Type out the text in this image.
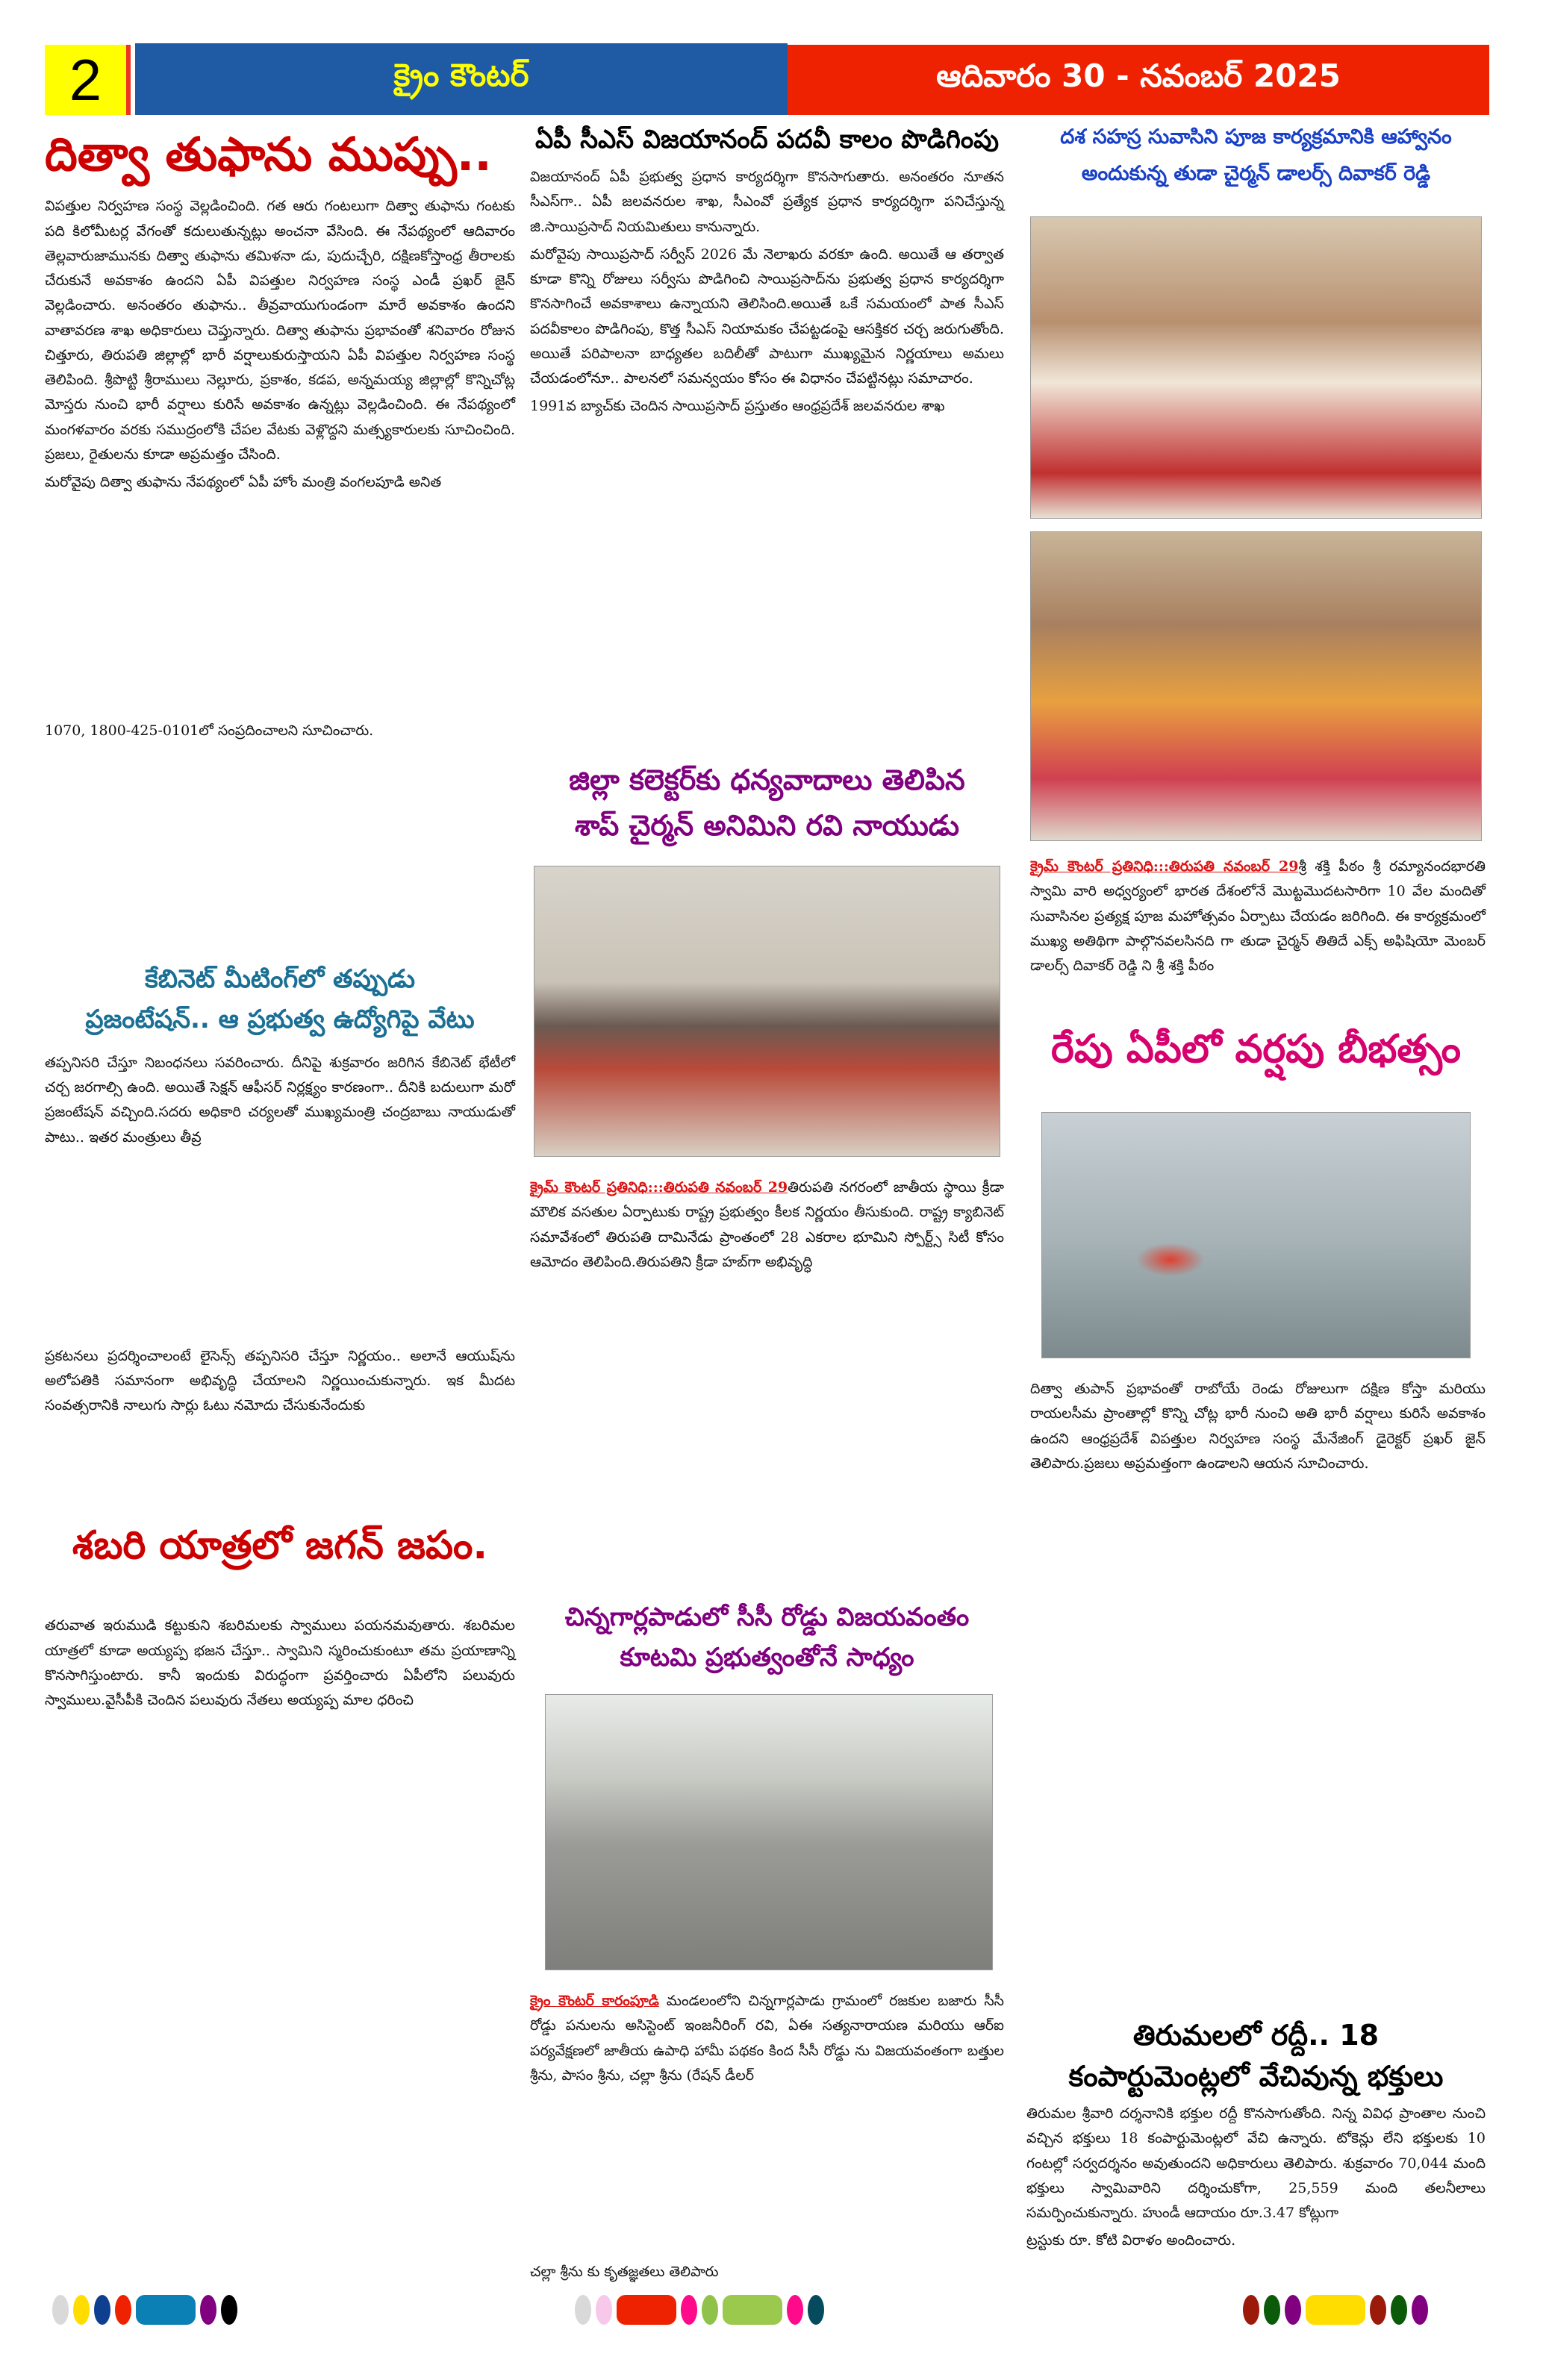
2	క్రైం కౌంటర్	ఆదివారం 30 - నవంబర్ 2025
దిత్వా తుఫాను ముప్పు..

విపత్తుల నిర్వహణ సంస్థ వెల్లడించింది. గత ఆరు గంటలుగా దిత్వా తుఫాను గంటకు పది కిలోమీటర్ల వేగంతో కదులుతున్నట్లు అంచనా వేసింది. ఈ నేపథ్యంలో ఆదివారం తెల్లవారుజామునకు దిత్వా తుఫాను తమిళనా డు, పుదుచ్చేరి, దక్షిణకోస్తాంధ్ర తీరాలకు చేరుకునే అవకాశం ఉందని ఏపీ విపత్తుల నిర్వహణ సంస్థ ఎండీ ప్రఖర్ జైన్ వెల్లడించారు. అనంతరం తుఫాను.. తీవ్రవాయుగుండంగా మారే అవకాశం ఉందని వాతావరణ శాఖ అధికారులు చెప్తున్నారు. దిత్వా తుఫాను ప్రభావంతో శనివారం రోజున చిత్తూరు, తిరుపతి జిల్లాల్లో భారీ వర్షాలుకురుస్తాయని ఏపీ విపత్తుల నిర్వహణ సంస్థ తెలిపింది. శ్రీపొట్టి శ్రీరాములు నెల్లూరు, ప్రకాశం, కడప, అన్నమయ్య జిల్లాల్లో కొన్నిచోట్ల మోస్తరు నుంచి భారీ వర్షాలు కురిసే అవకాశం ఉన్నట్లు వెల్లడించింది. ఈ నేపథ్యంలో మంగళవారం వరకు సముద్రంలోకి చేపల వేటకు వెళ్లొద్దని మత్స్యకారులకు సూచించింది. ప్రజలు, రైతులను కూడా అప్రమత్తం చేసింది.

మరోవైపు దిత్వా తుఫాను నేపథ్యంలో ఏపీ హోం మంత్రి వంగలపూడి అనిత

1070, 1800-425-0101లో సంప్రదించాలని సూచించారు.

కేబినెట్ మీటింగ్‌లో తప్పుడు
ప్రజంటేషన్.. ఆ ప్రభుత్వ ఉద్యోగిపై వేటు

తప్పనిసరి చేస్తూ నిబంధనలు సవరించారు. దీనిపై శుక్రవారం జరిగిన కేబినెట్ భేటీలో చర్చ జరగాల్సి ఉంది. అయితే సెక్షన్ ఆఫీసర్ నిర్లక్ష్యం కారణంగా.. దీనికి బదులుగా మరో ప్రజంటేషన్ వచ్చింది.సదరు అధికారి చర్యలతో ముఖ్యమంత్రి చంద్రబాబు నాయుడుతో పాటు.. ఇతర మంత్రులు తీవ్ర

ప్రకటనలు ప్రదర్శించాలంటే లైసెన్స్ తప్పనిసరి చేస్తూ నిర్ణయం.. అలానే ఆయుష్‌ను అలోపతికి సమానంగా అభివృద్ధి చేయాలని నిర్ణయించుకున్నారు. ఇక మీదట సంవత్సరానికి నాలుగు సార్లు ఓటు నమోదు చేసుకునేందుకు

శబరి యాత్రలో జగన్ జపం.

తరువాత ఇరుముడి కట్టుకుని శబరిమలకు స్వాములు పయనమవుతారు. శబరిమల యాత్రలో కూడా అయ్యప్ప భజన చేస్తూ.. స్వామిని స్మరించుకుంటూ తమ ప్రయాణాన్ని కొనసాగిస్తుంటారు. కానీ ఇందుకు విరుద్ధంగా ప్రవర్తించారు ఏపీలోని పలువురు స్వాములు.వైసీపీకి చెందిన పలువురు నేతలు అయ్యప్ప మాల ధరించి

ఏపీ సీఎస్ విజయానంద్ పదవీ కాలం పొడిగింపు

విజయానంద్ ఏపీ ప్రభుత్వ ప్రధాన కార్యదర్శిగా కొనసాగుతారు. అనంతరం నూతన సీఎస్‌గా.. ఏపీ జలవనరుల శాఖ, సీఎంవో ప్రత్యేక ప్రధాన కార్యదర్శిగా పనిచేస్తున్న జి.సాయిప్రసాద్ నియమితులు కానున్నారు.

మరోవైపు సాయిప్రసాద్ సర్వీస్ 2026 మే నెలాఖరు వరకూ ఉంది. అయితే ఆ తర్వాత కూడా కొన్ని రోజులు సర్వీసు పొడిగించి సాయిప్రసాద్‌ను ప్రభుత్వ ప్రధాన కార్యదర్శిగా కొనసాగించే అవకాశాలు ఉన్నాయని తెలిసింది.అయితే ఒకే సమయంలో పాత సీఎస్ పదవీకాలం పొడిగింపు, కొత్త సీఎస్ నియామకం చేపట్టడంపై ఆసక్తికర చర్చ జరుగుతోంది. అయితే పరిపాలనా బాధ్యతల బదిలీతో పాటుగా ముఖ్యమైన నిర్ణయాలు అమలు చేయడంలోనూ.. పాలనలో సమన్వయం కోసం ఈ విధానం చేపట్టినట్లు సమాచారం.

1991వ బ్యాచ్‌కు చెందిన సాయిప్రసాద్ ప్రస్తుతం ఆంధ్రప్రదేశ్ జలవనరుల శాఖ

జిల్లా కలెక్టర్‌కు ధన్యవాదాలు తెలిపిన
శాప్ చైర్మన్ అనిమిని రవి నాయుడు
క్రైమ్ కౌంటర్ ప్రతినిధి:::తిరుపతి నవంబర్ 29తిరుపతి నగరంలో జాతీయ స్థాయి క్రీడా మౌలిక వసతుల ఏర్పాటుకు రాష్ట్ర ప్రభుత్వం కీలక నిర్ణయం తీసుకుంది. రాష్ట్ర క్యాబినెట్ సమావేశంలో తిరుపతి దామినేడు ప్రాంతంలో 28 ఎకరాల భూమిని స్పోర్ట్స్ సిటీ కోసం ఆమోదం తెలిపింది.తిరుపతిని క్రీడా హబ్‌గా అభివృద్ధి
చిన్నగార్లపాడులో సీసీ రోడ్డు విజయవంతం
కూటమి ప్రభుత్వంతోనే సాధ్యం
క్రైం కౌంటర్ కారంపూడి మండలంలోని చిన్నగార్లపాడు గ్రామంలో రజకుల బజారు సీసీ రోడ్డు పనులను అసిస్టెంట్ ఇంజనీరింగ్ రవి, ఏఈ సత్యనారాయణ మరియు ఆర్ఐ పర్యవేక్షణలో జాతీయ ఉపాధి హామీ పథకం కింద సీసీ రోడ్డు ను విజయవంతంగా బత్తుల శ్రీను, పాసం శ్రీను, చల్లా శ్రీను (రేషన్ డీలర్

చల్లా శ్రీను కు కృతజ్ఞతలు తెలిపారు

దశ సహస్ర సువాసిని పూజ కార్యక్రమానికి ఆహ్వానం
అందుకున్న తుడా చైర్మన్ డాలర్స్ దివాకర్ రెడ్డి
క్రైమ్ కౌంటర్ ప్రతినిధి:::తిరుపతి నవంబర్ 29శ్రీ శక్తి పీఠం శ్రీ రమ్యానందభారతి స్వామి వారి అధ్వర్యంలో భారత దేశంలోనే మొట్టమొదటసారిగా 10 వేల మందితో సువాసినల ప్రత్యక్ష పూజ మహోత్సవం ఏర్పాటు చేయడం జరిగింది. ఈ కార్యక్రమంలో ముఖ్య అతిథిగా పాల్గొనవలసినది గా తుడా చైర్మన్ తితిదే ఎక్స్ అఫిషియో మెంబర్ డాలర్స్ దివాకర్ రెడ్డి ని శ్రీ శక్తి పీఠం
రేపు ఏపీలో వర్షపు బీభత్సం

దిత్వా తుపాన్ ప్రభావంతో రాబోయే రెండు రోజులుగా దక్షిణ కోస్తా మరియు రాయలసీమ ప్రాంతాల్లో కొన్ని చోట్ల భారీ నుంచి అతి భారీ వర్షాలు కురిసే అవకాశం ఉందని ఆంధ్రప్రదేశ్ విపత్తుల నిర్వహణ సంస్థ మేనేజింగ్ డైరెక్టర్ ప్రఖర్ జైన్ తెలిపారు.ప్రజలు అప్రమత్తంగా ఉండాలని ఆయన సూచించారు.

తిరుమలలో రద్దీ.. 18
కంపార్టుమెంట్లలో వేచివున్న భక్తులు

తిరుమల శ్రీవారి దర్శనానికి భక్తుల రద్దీ కొనసాగుతోంది. నిన్న వివిధ ప్రాంతాల నుంచి వచ్చిన భక్తులు 18 కంపార్టుమెంట్లలో వేచి ఉన్నారు. టోకెన్లు లేని భక్తులకు 10 గంటల్లో సర్వదర్శనం అవుతుందని అధికారులు తెలిపారు. శుక్రవారం 70,044 మంది భక్తులు స్వామివారిని దర్శించుకోగా, 25,559 మంది తలనీలాలు సమర్పించుకున్నారు. హుండీ ఆదాయం రూ.3.47 కోట్లుగా

ట్రస్టుకు రూ. కోటి విరాళం అందించారు.
